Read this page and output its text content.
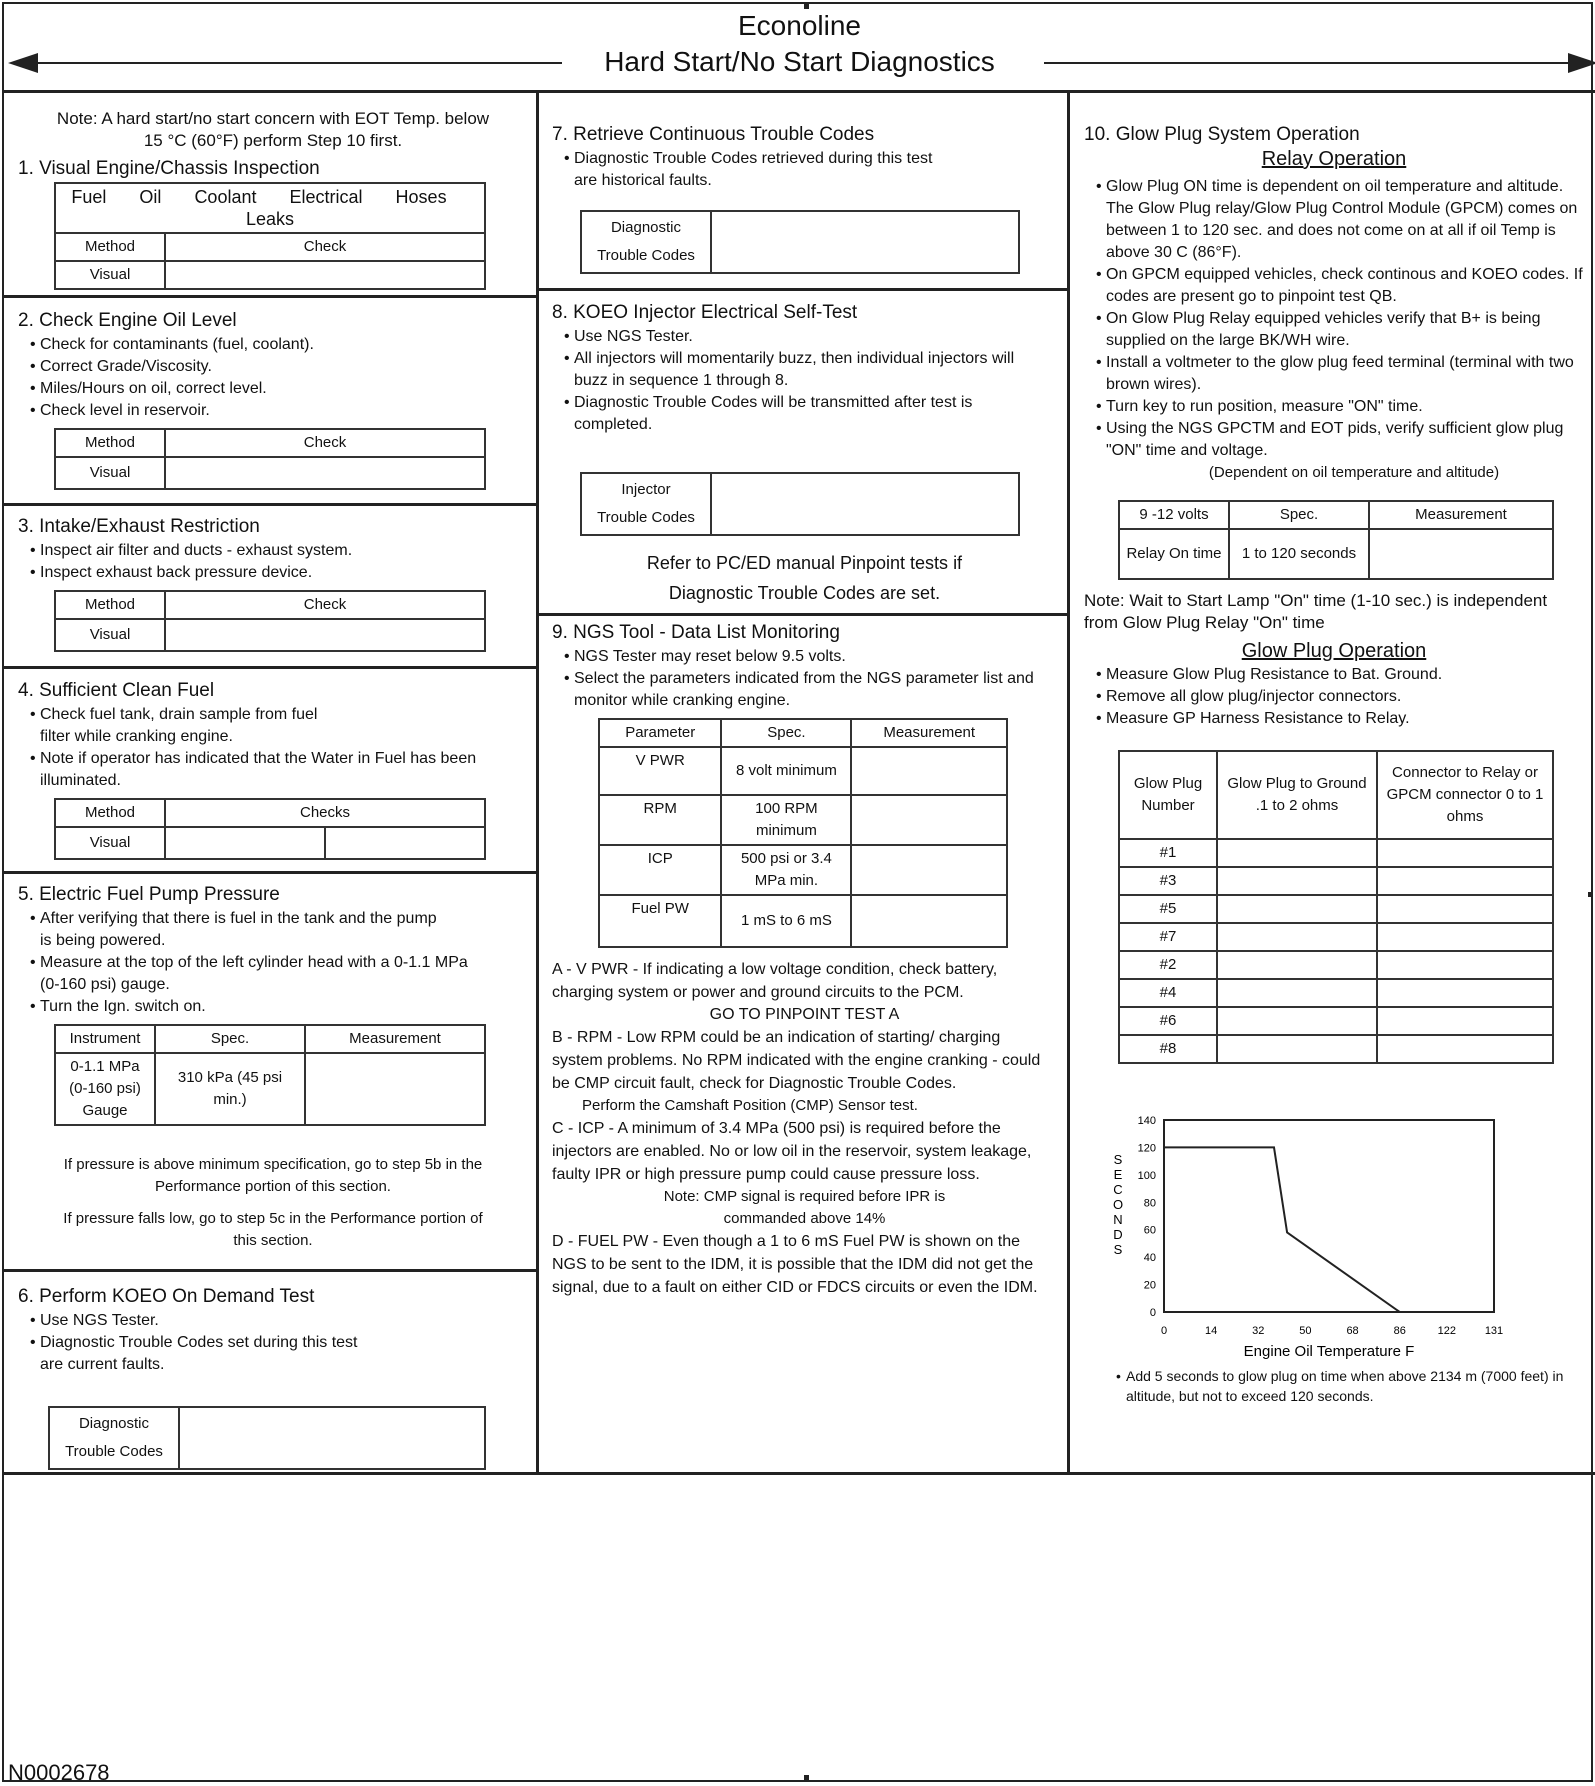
Econoline
Hard Start/No Start Diagnostics
Note: A hard start/no start concern with EOT Temp. below 15 °C (60°F) perform Step 10 first.
1. Visual Engine/Chassis Inspection
Fuel Oil Coolant Electrical Hoses   Leaks	
Method	Check
Visual	
2. Check Engine Oil Level
• Check for contaminants (fuel, coolant).
• Correct Grade/Viscosity.
• Miles/Hours on oil, correct level.
• Check level in reservoir.
Method	Check
Visual	
3. Intake/Exhaust Restriction
• Inspect air filter and ducts - exhaust system.
• Inspect exhaust back pressure device.
Method	Check
Visual	
4. Sufficient Clean Fuel
• Check fuel tank, drain sample from fuel filter while cranking engine.
• Note if operator has indicated that the Water in Fuel has been illuminated.
Method	Checks	
Visual		
5. Electric Fuel Pump Pressure
• After verifying that there is fuel in the tank and the pump is being powered.
• Measure at the top of the left cylinder head with a 0-1.1 MPa (0-160 psi) gauge.
• Turn the Ign. switch on.
Instrument	Spec.	Measurement
0-1.1 MPa (0-160 psi) Gauge	310 kPa (45 psi min.)	
If pressure is above minimum specification, go to step 5b in the Performance portion of this section.
If pressure falls low, go to step 5c in the Performance portion of this section.
6. Perform KOEO On Demand Test
• Use NGS Tester.
• Diagnostic Trouble Codes set during this test are current faults.
Diagnostic
Trouble Codes	
7. Retrieve Continuous Trouble Codes
• Diagnostic Trouble Codes retrieved during this test are historical faults.
Diagnostic
Trouble Codes	
8. KOEO Injector Electrical Self-Test
• Use NGS Tester.
• All injectors will momentarily buzz, then individual injectors will buzz in sequence 1 through 8.
• Diagnostic Trouble Codes will be transmitted after test is completed.
Injector
Trouble Codes	
Refer to PC/ED manual Pinpoint tests if Diagnostic Trouble Codes are set.
9. NGS Tool - Data List Monitoring
• NGS Tester may reset below 9.5 volts.
• Select the parameters indicated from the NGS parameter list and monitor while cranking engine.
Parameter	Spec.	Measurement
V PWR	8 volt minimum	
RPM	100 RPM minimum	
ICP	500 psi or 3.4 MPa min.	
Fuel PW	1 mS to 6 mS	
A - V PWR - If indicating a low voltage condition, check battery, charging system or power and ground circuits to the PCM.
GO TO PINPOINT TEST A
B - RPM - Low RPM could be an indication of starting/ charging system problems. No RPM indicated with the engine cranking - could be CMP circuit fault, check for Diagnostic Trouble Codes.
Perform the Camshaft Position (CMP) Sensor test.
C - ICP - A minimum of 3.4 MPa (500 psi) is required before the injectors are enabled. No or low oil in the reservoir, system leakage, faulty IPR or high pressure pump could cause pressure loss.
Note: CMP signal is required before IPR is commanded above 14%
D - FUEL PW - Even though a 1 to 6 mS Fuel PW is shown on the NGS to be sent to the IDM, it is possible that the IDM did not get the signal, due to a fault on either CID or FDCS circuits or even the IDM.
10. Glow Plug System Operation
Relay Operation
• Glow Plug ON time is dependent on oil temperature and altitude. The Glow Plug relay/Glow Plug Control Module (GPCM) comes on between 1 to 120 sec. and does not come on at all if oil Temp is above 30 C (86°F).
• On GPCM equipped vehicles, check continous and KOEO codes. If codes are present go to pinpoint test QB.
• On Glow Plug Relay equipped vehicles verify that B+ is being supplied on the large BK/WH wire.
• Install a voltmeter to the glow plug feed terminal (terminal with two brown wires).
• Turn key to run position, measure "ON" time.
• Using the NGS GPCTM and EOT pids, verify sufficient glow plug "ON" time and voltage.
(Dependent on oil temperature and altitude)
9 -12 volts	Spec.	Measurement
Relay On time	1 to 120 seconds	
Note: Wait to Start Lamp "On" time (1-10 sec.) is independent from Glow Plug Relay "On" time
Glow Plug Operation
• Measure Glow Plug Resistance to Bat. Ground.
• Remove all glow plug/injector connectors.
• Measure GP Harness Resistance to Relay.
Glow Plug Number	Glow Plug to Ground .1 to 2 ohms	Connector to Relay or GPCM connector 0 to 1 ohms
#1		
#3		
#5		
#7		
#2		
#4		
#6		
#8		
0
20
40
60
80
100
120
140
0	14	32	50	68	86	122	131
S E C O N D S
Engine Oil Temperature F
• Add 5 seconds to glow plug on time when above 2134 m (7000 feet) in altitude, but not to exceed 120 seconds.
N0002678
